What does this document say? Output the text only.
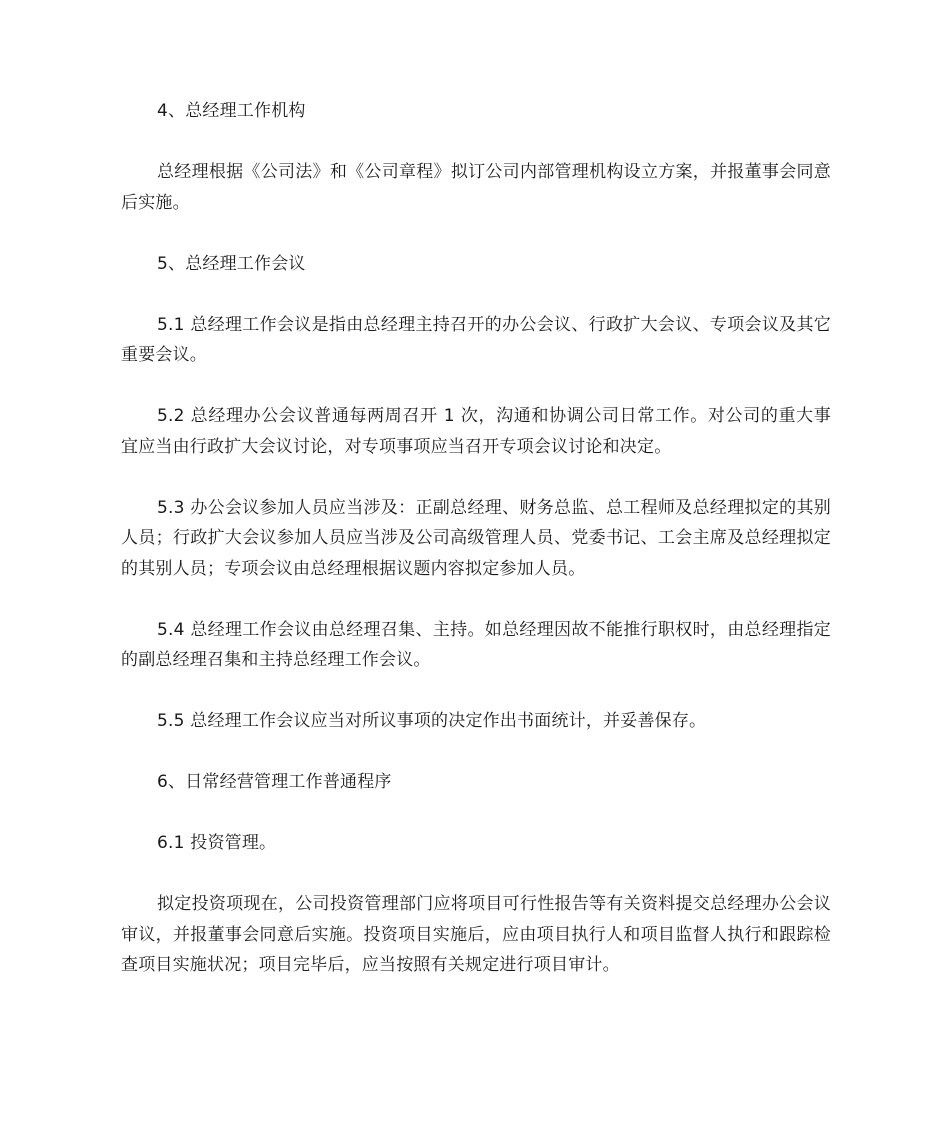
4、总经理工作机构

总经理根据《公司法》和《公司章程》拟订公司内部管理机构设立方案，并报董事会同意后实施。

5、总经理工作会议

5.1 总经理工作会议是指由总经理主持召开的办公会议、行政扩大会议、专项会议及其它重要会议。

5.2 总经理办公会议普通每两周召开 1 次，沟通和协调公司日常工作。对公司的重大事宜应当由行政扩大会议讨论，对专项事项应当召开专项会议讨论和决定。

5.3 办公会议参加人员应当涉及：正副总经理、财务总监、总工程师及总经理拟定的其别人员；行政扩大会议参加人员应当涉及公司高级管理人员、党委书记、工会主席及总经理拟定的其别人员；专项会议由总经理根据议题内容拟定参加人员。

5.4 总经理工作会议由总经理召集、主持。如总经理因故不能推行职权时，由总经理指定的副总经理召集和主持总经理工作会议。

5.5 总经理工作会议应当对所议事项的决定作出书面统计，并妥善保存。

6、日常经营管理工作普通程序

6.1 投资管理。

拟定投资项现在，公司投资管理部门应将项目可行性报告等有关资料提交总经理办公会议审议，并报董事会同意后实施。投资项目实施后，应由项目执行人和项目监督人执行和跟踪检查项目实施状况；项目完毕后，应当按照有关规定进行项目审计。
